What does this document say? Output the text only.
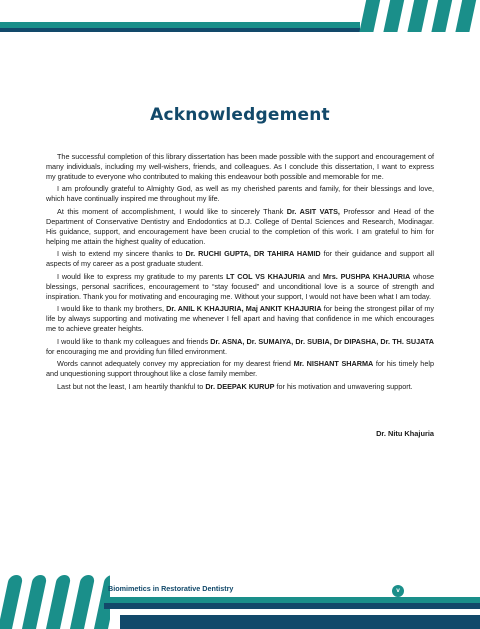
Acknowledgement

The successful completion of this library dissertation has been made possible with the support and encouragement of many individuals, including my well-wishers, friends, and colleagues. As I conclude this dissertation, I want to express my gratitude to everyone who contributed to making this endeavour both possible and memorable for me.

I am profoundly grateful to Almighty God, as well as my cherished parents and family, for their blessings and love, which have continually inspired me throughout my life.

At this moment of accomplishment, I would like to sincerely Thank Dr. ASIT VATS, Professor and Head of the Department of Conservative Dentistry and Endodontics at D.J. College of Dental Sciences and Research, Modinagar. His guidance, support, and encouragement have been crucial to the completion of this work. I am grateful to him for helping me attain the highest quality of education.

I wish to extend my sincere thanks to Dr. RUCHI GUPTA, DR TAHIRA HAMID for their guidance and support all aspects of my career as a post graduate student.

I would like to express my gratitude to my parents LT COL VS KHAJURIA and Mrs. PUSHPA KHAJURIA whose blessings, personal sacrifices, encouragement to “stay focused” and unconditional love is a source of strength and inspiration. Thank you for motivating and encouraging me. Without your support, I would not have been what I am today.

I would like to thank my brothers, Dr. ANIL K KHAJURIA, Maj ANKIT KHAJURIA for being the strongest pillar of my life by always supporting and motivating me whenever I fell apart and having that confidence in me which encourages me to achieve greater heights.

I would like to thank my colleagues and friends Dr. ASNA, Dr. SUMAIYA, Dr. SUBIA, Dr DIPASHA, Dr. TH. SUJATA for encouraging me and providing fun filled environment.

Words cannot adequately convey my appreciation for my dearest friend Mr. NISHANT SHARMA for his timely help and unquestioning support throughout like a close family member.

Last but not the least, I am heartily thankful to Dr. DEEPAK KURUP for his motivation and unwavering support.

Dr. Nitu Khajuria
Biomimetics in Restorative Dentistry	v
